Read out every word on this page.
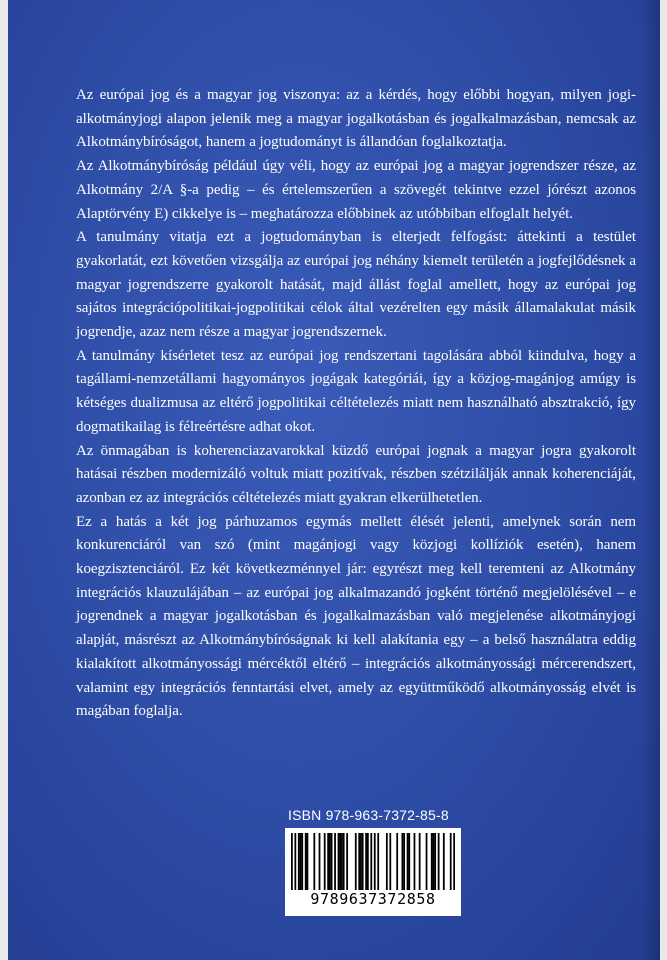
Az európai jog és a magyar jog viszonya: az a kérdés, hogy előbbi hogyan, milyen jogi-alkotmányjogi alapon jelenik meg a magyar jogalkotásban és jogalkalmazásban, nemcsak az Alkotmánybíróságot, hanem a jogtudományt is állandóan foglalkoztatja.

Az Alkotmánybíróság például úgy véli, hogy az európai jog a magyar jogrendszer része, az Alkotmány 2/A §-a pedig – és értelemszerűen a szövegét tekintve ezzel jórészt azonos Alaptörvény E) cikkelye is – meghatározza előbbinek az utóbbiban elfoglalt helyét.

A tanulmány vitatja ezt a jogtudományban is elterjedt felfogást: áttekinti a testület gyakorlatát, ezt követően vizsgálja az európai jog néhány kiemelt területén a jogfejlődésnek a magyar jogrendszerre gyakorolt hatását, majd állást foglal amellett, hogy az európai jog sajátos integrációpolitikai-jogpolitikai célok által vezérelten egy másik államalakulat másik jogrendje, azaz nem része a magyar jogrendszernek.

A tanulmány kísérletet tesz az európai jog rendszertani tagolására abból kiindulva, hogy a tagállami-nemzetállami hagyományos jogágak kategóriái, így a közjog-magánjog amúgy is kétséges dualizmusa az eltérő jogpolitikai céltételezés miatt nem használható absztrakció, így dogmatikailag is félreértésre adhat okot.

Az önmagában is koherenciazavarokkal küzdő európai jognak a magyar jogra gyakorolt hatásai részben modernizáló voltuk miatt pozitívak, részben szétzilálják annak koherenciáját, azonban ez az integrációs céltételezés miatt gyakran elkerülhetetlen.

Ez a hatás a két jog párhuzamos egymás mellett élését jelenti, amelynek során nem konkurenciáról van szó (mint magánjogi vagy közjogi kollíziók esetén), hanem koegzisztenciáról. Ez két következménnyel jár: egyrészt meg kell teremteni az Alkotmány integrációs klauzulájában – az európai jog alkalmazandó jogként történő megjelölésével – e jogrendnek a magyar jogalkotásban és jogalkalmazásban való megjelenése alkotmányjogi alapját, másrészt az Alkotmánybíróságnak ki kell alakítania egy – a belső használatra eddig kialakított alkotmányossági mércéktől eltérő – integrációs alkotmányossági mércerendszert, valamint egy integrációs fenntartási elvet, amely az együttműködő alkotmányosság elvét is magában foglalja.

ISBN 978-963-7372-85-8
9789637372858
